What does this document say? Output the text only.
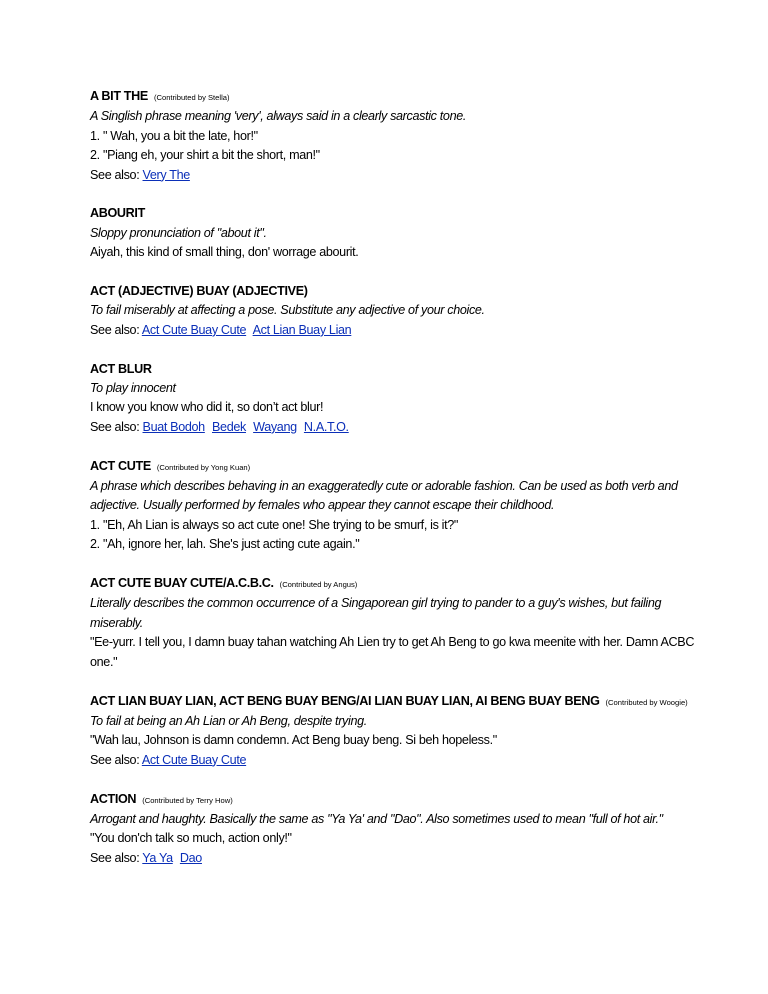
A BIT THE (Contributed by Stella)
A Singlish phrase meaning 'very', always said in a clearly sarcastic tone.
1. " Wah, you a bit the late, hor!"
2. "Piang eh, your shirt a bit the short, man!"
See also: Very The
ABOURIT
Sloppy pronunciation of "about it".
Aiyah, this kind of small thing, don' worrage abourit.
ACT (ADJECTIVE) BUAY (ADJECTIVE)
To fail miserably at affecting a pose. Substitute any adjective of your choice.
See also: Act Cute Buay Cute Act Lian Buay Lian
ACT BLUR
To play innocent
I know you know who did it, so don’t act blur!
See also: Buat Bodoh Bedek Wayang N.A.T.O.
ACT CUTE (Contributed by Yong Kuan)
A phrase which describes behaving in an exaggeratedly cute or adorable fashion. Can be used as both verb and adjective. Usually performed by females who appear they cannot escape their childhood.
1. "Eh, Ah Lian is always so act cute one! She trying to be smurf, is it?"
2. "Ah, ignore her, lah. She's just acting cute again."
ACT CUTE BUAY CUTE/A.C.B.C. (Contributed by Angus)
Literally describes the common occurrence of a Singaporean girl trying to pander to a guy's wishes, but failing miserably.
"Ee-yurr. I tell you, I damn buay tahan watching Ah Lien try to get Ah Beng to go kwa meenite with her. Damn ACBC one."
ACT LIAN BUAY LIAN, ACT BENG BUAY BENG/AI LIAN BUAY LIAN, AI BENG BUAY BENG (Contributed by Woogie)
To fail at being an Ah Lian or Ah Beng, despite trying.
"Wah lau, Johnson is damn condemn. Act Beng buay beng. Si beh hopeless."
See also: Act Cute Buay Cute
ACTION (Contributed by Terry How)
Arrogant and haughty. Basically the same as "Ya Ya' and "Dao". Also sometimes used to mean "full of hot air."
"You don'ch talk so much, action only!"
See also: Ya Ya Dao
